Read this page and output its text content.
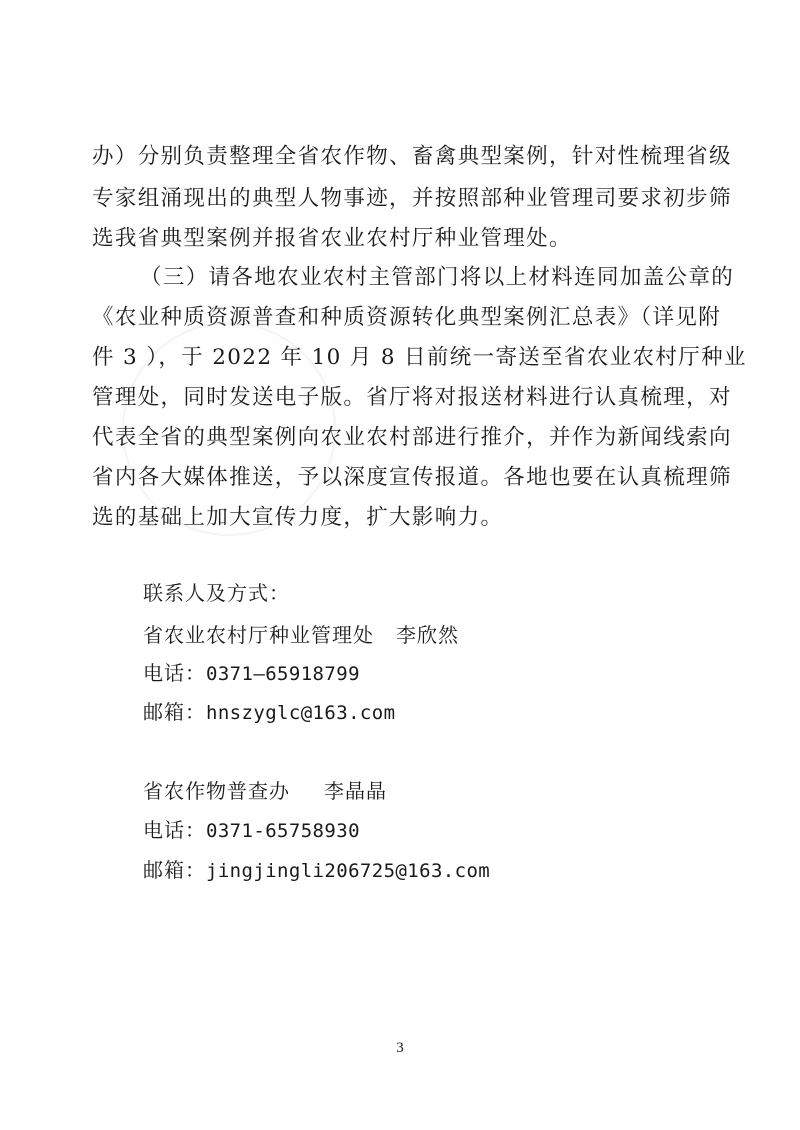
办）分别负责整理全省农作物、畜禽典型案例，针对性梳理省级

专家组涌现出的典型人物事迹，并按照部种业管理司要求初步筛

选我省典型案例并报省农业农村厅种业管理处。

（三）请各地农业农村主管部门将以上材料连同加盖公章的

《农业种质资源普查和种质资源转化典型案例汇总表》（详见附

件 3 ），于 2022 年 10 月 8 日前统一寄送至省农业农村厅种业

管理处，同时发送电子版。省厅将对报送材料进行认真梳理，对

代表全省的典型案例向农业农村部进行推介，并作为新闻线索向

省内各大媒体推送，予以深度宣传报道。各地也要在认真梳理筛

选的基础上加大宣传力度，扩大影响力。

联系人及方式：

省农业农村厅种业管理处 李欣然

电话：0371—65918799

邮箱：hnszyglc@163.com

省农作物普查办 李晶晶

电话：0371-65758930

邮箱：jingjingli206725@163.com

3
